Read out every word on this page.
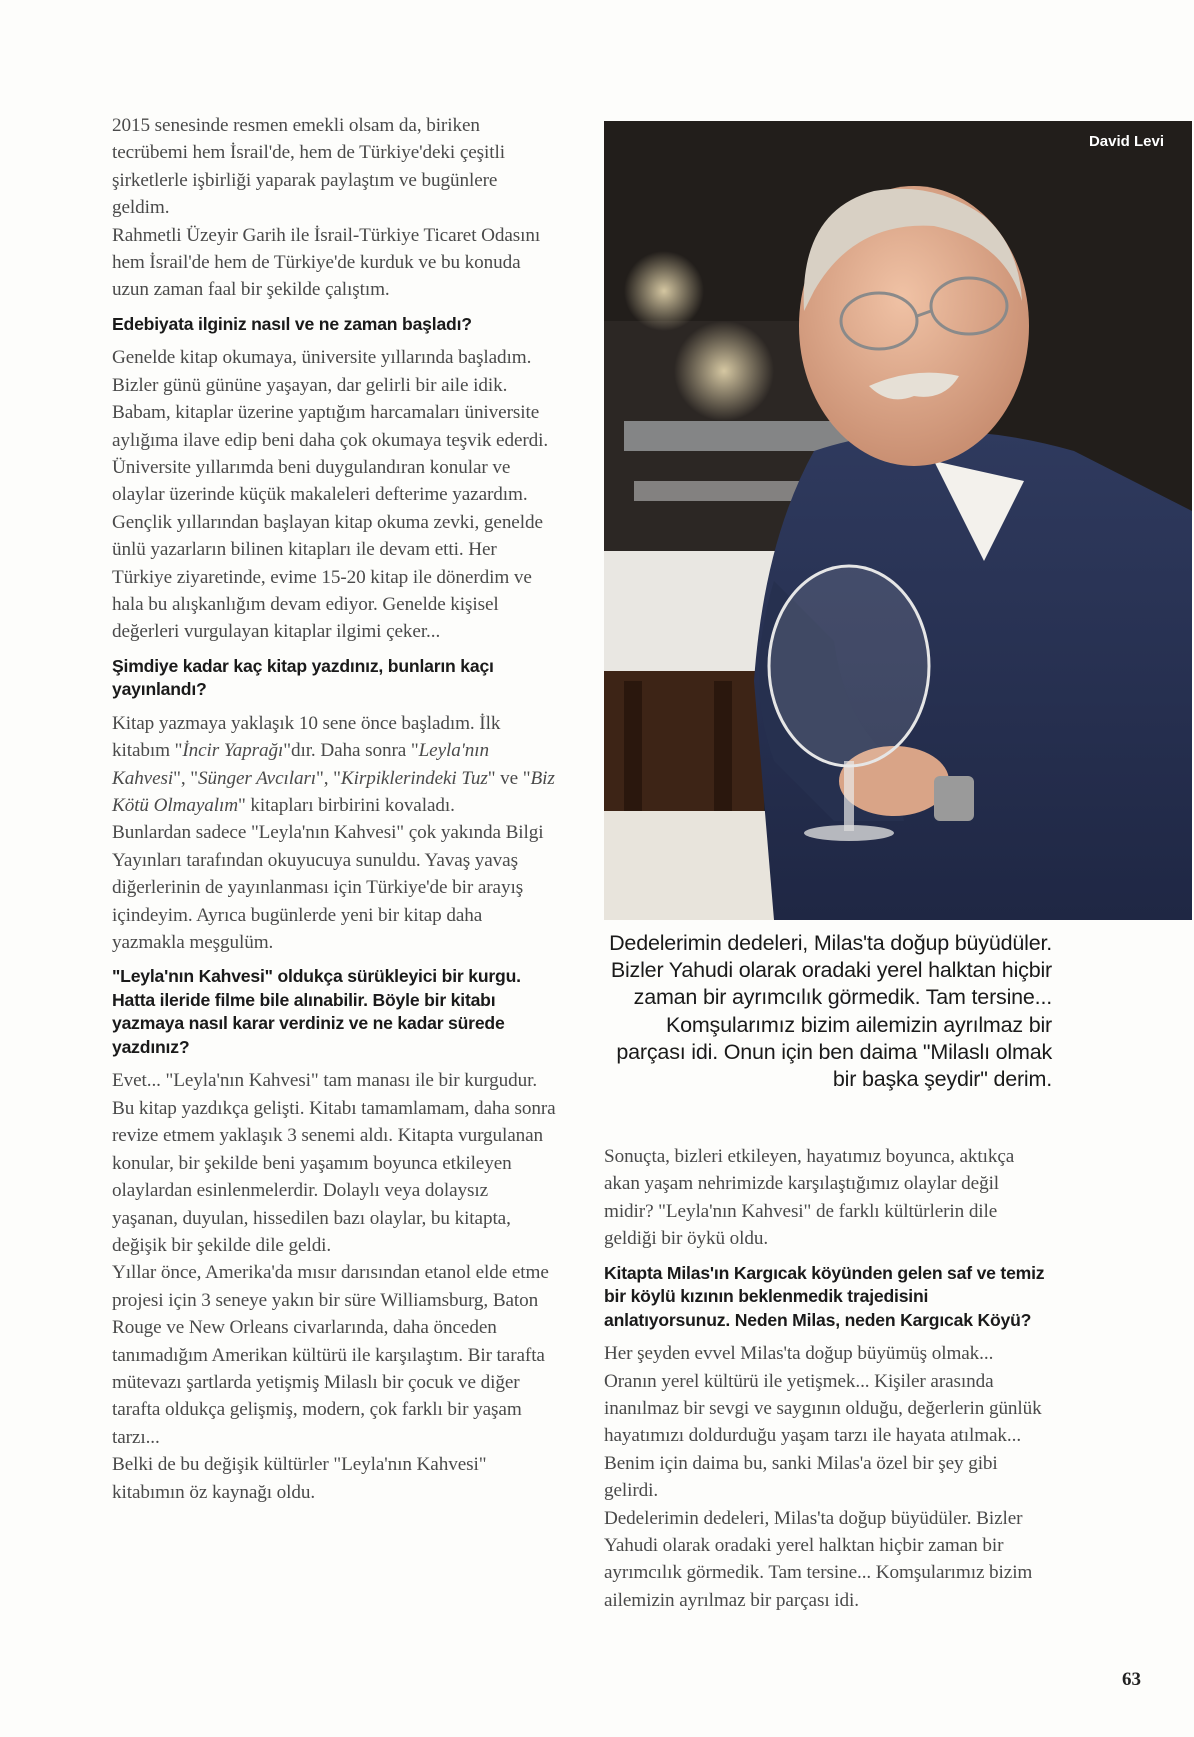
2015 senesinde resmen emekli olsam da, biriken tecrübemi hem İsrail'de, hem de Türkiye'deki çeşitli şirketlerle işbirliği yaparak paylaştım ve bugünlere geldim.

Rahmetli Üzeyir Garih ile İsrail-Türkiye Ticaret Odasını hem İsrail'de hem de Türkiye'de kurduk ve bu konuda uzun zaman faal bir şekilde çalıştım.

Edebiyata ilginiz nasıl ve ne zaman başladı?

Genelde kitap okumaya, üniversite yıllarında başladım. Bizler günü gününe yaşayan, dar gelirli bir aile idik. Babam, kitaplar üzerine yaptığım harcamaları üniversite aylığıma ilave edip beni daha çok okumaya teşvik ederdi. Üniversite yıllarımda beni duygulandıran konular ve olaylar üzerinde küçük makaleleri defterime yazardım. Gençlik yıllarından başlayan kitap okuma zevki, genelde ünlü yazarların bilinen kitapları ile devam etti. Her Türkiye ziyaretinde, evime 15-20 kitap ile dönerdim ve hala bu alışkanlığım devam ediyor. Genelde kişisel değerleri vurgulayan kitaplar ilgimi çeker...

Şimdiye kadar kaç kitap yazdınız, bunların kaçı yayınlandı?

Kitap yazmaya yaklaşık 10 sene önce başladım. İlk kitabım "İncir Yaprağı"dır. Daha sonra "Leyla'nın Kahvesi", "Sünger Avcıları", "Kirpiklerindeki Tuz" ve "Biz Kötü Olmayalım" kitapları birbirini kovaladı.

Bunlardan sadece "Leyla'nın Kahvesi" çok yakında Bilgi Yayınları tarafından okuyucuya sunuldu. Yavaş yavaş diğerlerinin de yayınlanması için Türkiye'de bir arayış içindeyim. Ayrıca bugünlerde yeni bir kitap daha yazmakla meşgulüm.

"Leyla'nın Kahvesi" oldukça sürükleyici bir kurgu. Hatta ileride filme bile alınabilir. Böyle bir kitabı yazmaya nasıl karar verdiniz ve ne kadar sürede yazdınız?

Evet... "Leyla'nın Kahvesi" tam manası ile bir kurgudur. Bu kitap yazdıkça gelişti. Kitabı tamamlamam, daha sonra revize etmem yaklaşık 3 senemi aldı. Kitapta vurgulanan konular, bir şekilde beni yaşamım boyunca etkileyen olaylardan esinlenmelerdir. Dolaylı veya dolaysız yaşanan, duyulan, hissedilen bazı olaylar, bu kitapta, değişik bir şekilde dile geldi.

Yıllar önce, Amerika'da mısır darısından etanol elde etme projesi için 3 seneye yakın bir süre Williamsburg, Baton Rouge ve New Orleans civarlarında, daha önceden tanımadığım Amerikan kültürü ile karşılaştım. Bir tarafta mütevazı şartlarda yetişmiş Milaslı bir çocuk ve diğer tarafta oldukça gelişmiş, modern, çok farklı bir yaşam tarzı...

Belki de bu değişik kültürler "Leyla'nın Kahvesi" kitabımın öz kaynağı oldu.

David Levi
Dedelerimin dedeleri, Milas'ta doğup büyüdüler. Bizler Yahudi olarak oradaki yerel halktan hiçbir zaman bir ayrımcılık görmedik. Tam tersine... Komşularımız bizim ailemizin ayrılmaz bir parçası idi. Onun için ben daima "Milaslı olmak bir başka şeydir" derim.

Sonuçta, bizleri etkileyen, hayatımız boyunca, aktıkça akan yaşam nehrimizde karşılaştığımız olaylar değil midir? "Leyla'nın Kahvesi" de farklı kültürlerin dile geldiği bir öykü oldu.

Kitapta Milas'ın Kargıcak köyünden gelen saf ve temiz bir köylü kızının beklenmedik trajedisini anlatıyorsunuz. Neden Milas, neden Kargıcak Köyü?

Her şeyden evvel Milas'ta doğup büyümüş olmak... Oranın yerel kültürü ile yetişmek... Kişiler arasında inanılmaz bir sevgi ve saygının olduğu, değerlerin günlük hayatımızı doldurduğu yaşam tarzı ile hayata atılmak... Benim için daima bu, sanki Milas'a özel bir şey gibi gelirdi.

Dedelerimin dedeleri, Milas'ta doğup büyüdüler. Bizler Yahudi olarak oradaki yerel halktan hiçbir zaman bir ayrımcılık görmedik. Tam tersine... Komşularımız bizim ailemizin ayrılmaz bir parçası idi.

63
